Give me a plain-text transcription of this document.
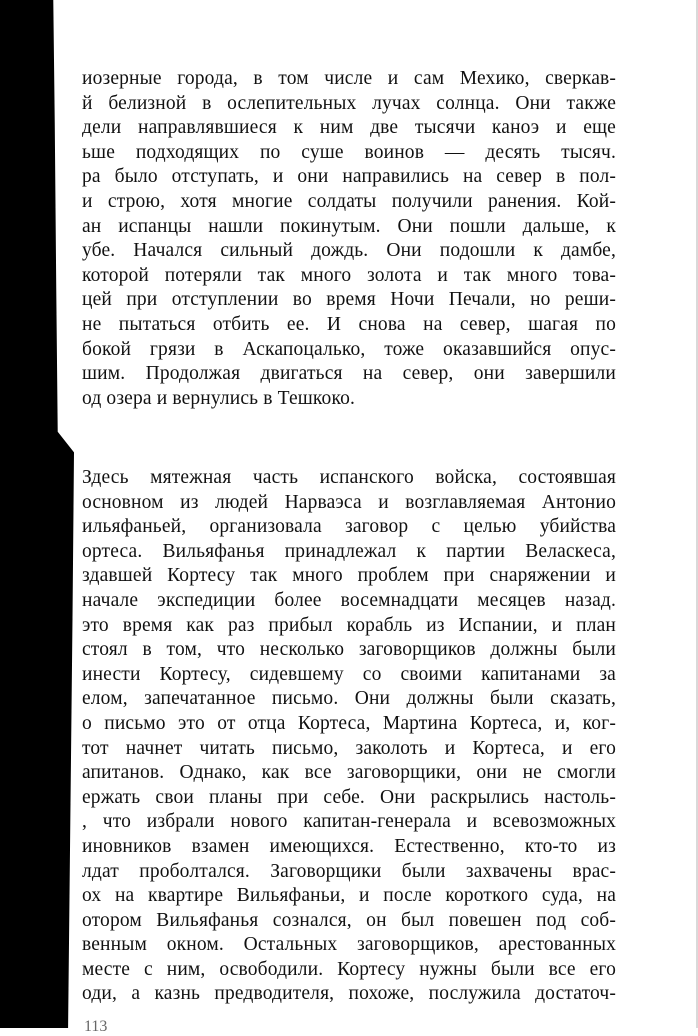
иозерные города, в том числе и сам Мехико, сверкав-
й белизной в ослепительных лучах солнца. Они также
дели направлявшиеся к ним две тысячи каноэ и еще
ьше подходящих по суше воинов — десять тысяч.
ра было отступать, и они направились на север в пол-
и строю, хотя многие солдаты получили ранения. Кой-
ан испанцы нашли покинутым. Они пошли дальше, к
убе. Начался сильный дождь. Они подошли к дамбе,
которой потеряли так много золота и так много това-
цей при отступлении во время Ночи Печали, но реши-
не пытаться отбить ее. И снова на север, шагая по
бокой грязи в Аскапоцалько, тоже оказавшийся опус-
шим. Продолжая двигаться на север, они завершили
од озера и вернулись в Тешкоко.

Здесь мятежная часть испанского войска, состоявшая
основном из людей Нарваэса и возглавляемая Антонио
ильяфаньей, организовала заговор с целью убийства
ортеса. Вильяфанья принадлежал к партии Веласкеса,
здавшей Кортесу так много проблем при снаряжении и
начале экспедиции более восемнадцати месяцев назад.
это время как раз прибыл корабль из Испании, и план
стоял в том, что несколько заговорщиков должны были
инести Кортесу, сидевшему со своими капитанами за
елом, запечатанное письмо. Они должны были сказать,
о письмо это от отца Кортеса, Мартина Кортеса, и, ког-
тот начнет читать письмо, заколоть и Кортеса, и его
апитанов. Однако, как все заговорщики, они не смогли
ержать свои планы при себе. Они раскрылись настоль-
, что избрали нового капитан-генерала и всевозможных
иновников взамен имеющихся. Естественно, кто-то из
лдат проболтался. Заговорщики были захвачены врас-
ох на квартире Вильяфаньи, и после короткого суда, на
отором Вильяфанья сознался, он был повешен под соб-
венным окном. Остальных заговорщиков, арестованных
месте с ним, освободили. Кортесу нужны были все его
оди, а казнь предводителя, похоже, послужила достаточ-

113
